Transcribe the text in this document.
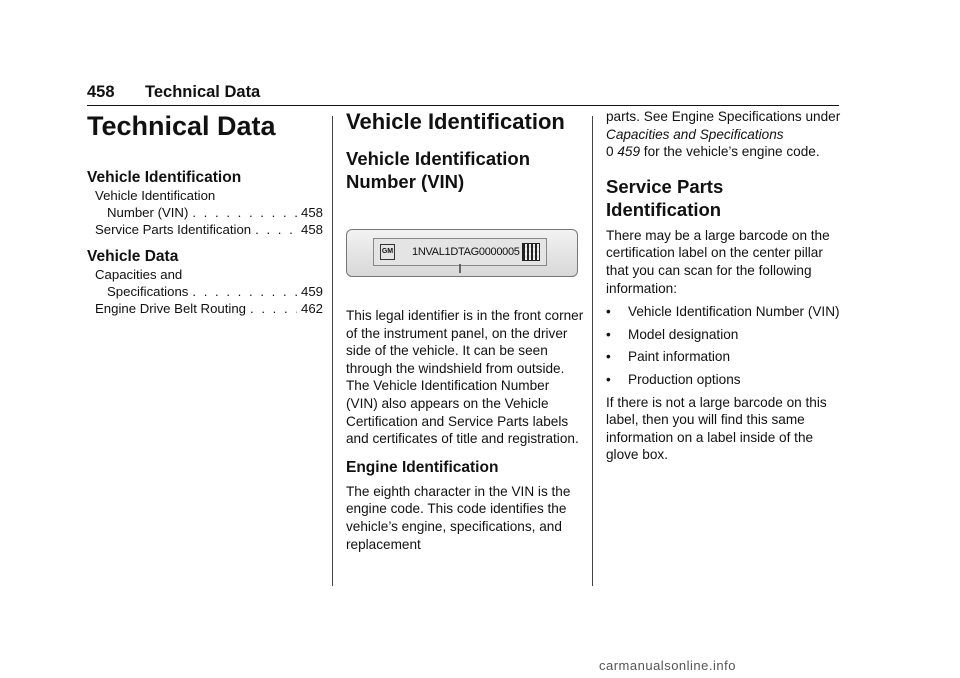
458 Technical Data
Technical Data
Vehicle Identification
Vehicle Identification
Number (VIN) . . .	458
Service Parts Identification . . .	458
Vehicle Data
Capacities and
Specifications . . .	459
Engine Drive Belt Routing . . .	462
Vehicle Identification
Vehicle Identification Number (VIN)
GM 1NVAL1DTAG0000005

This legal identifier is in the front corner of the instrument panel, on the driver side of the vehicle. It can be seen through the windshield from outside. The Vehicle Identification Number (VIN) also appears on the Vehicle Certification and Service Parts labels and certificates of title and registration.

Engine Identification

The eighth character in the VIN is the engine code. This code identifies the vehicle’s engine, specifications, and replacement

parts. See Engine Specifications under Capacities and Specifications
0 459 for the vehicle’s engine code.

Service Parts Identification

There may be a large barcode on the certification label on the center pillar that you can scan for the following information:

• Vehicle Identification Number (VIN)
• Model designation
• Paint information
• Production options

If there is not a large barcode on this label, then you will find this same information on a label inside of the glove box.

carmanualsonline.info
